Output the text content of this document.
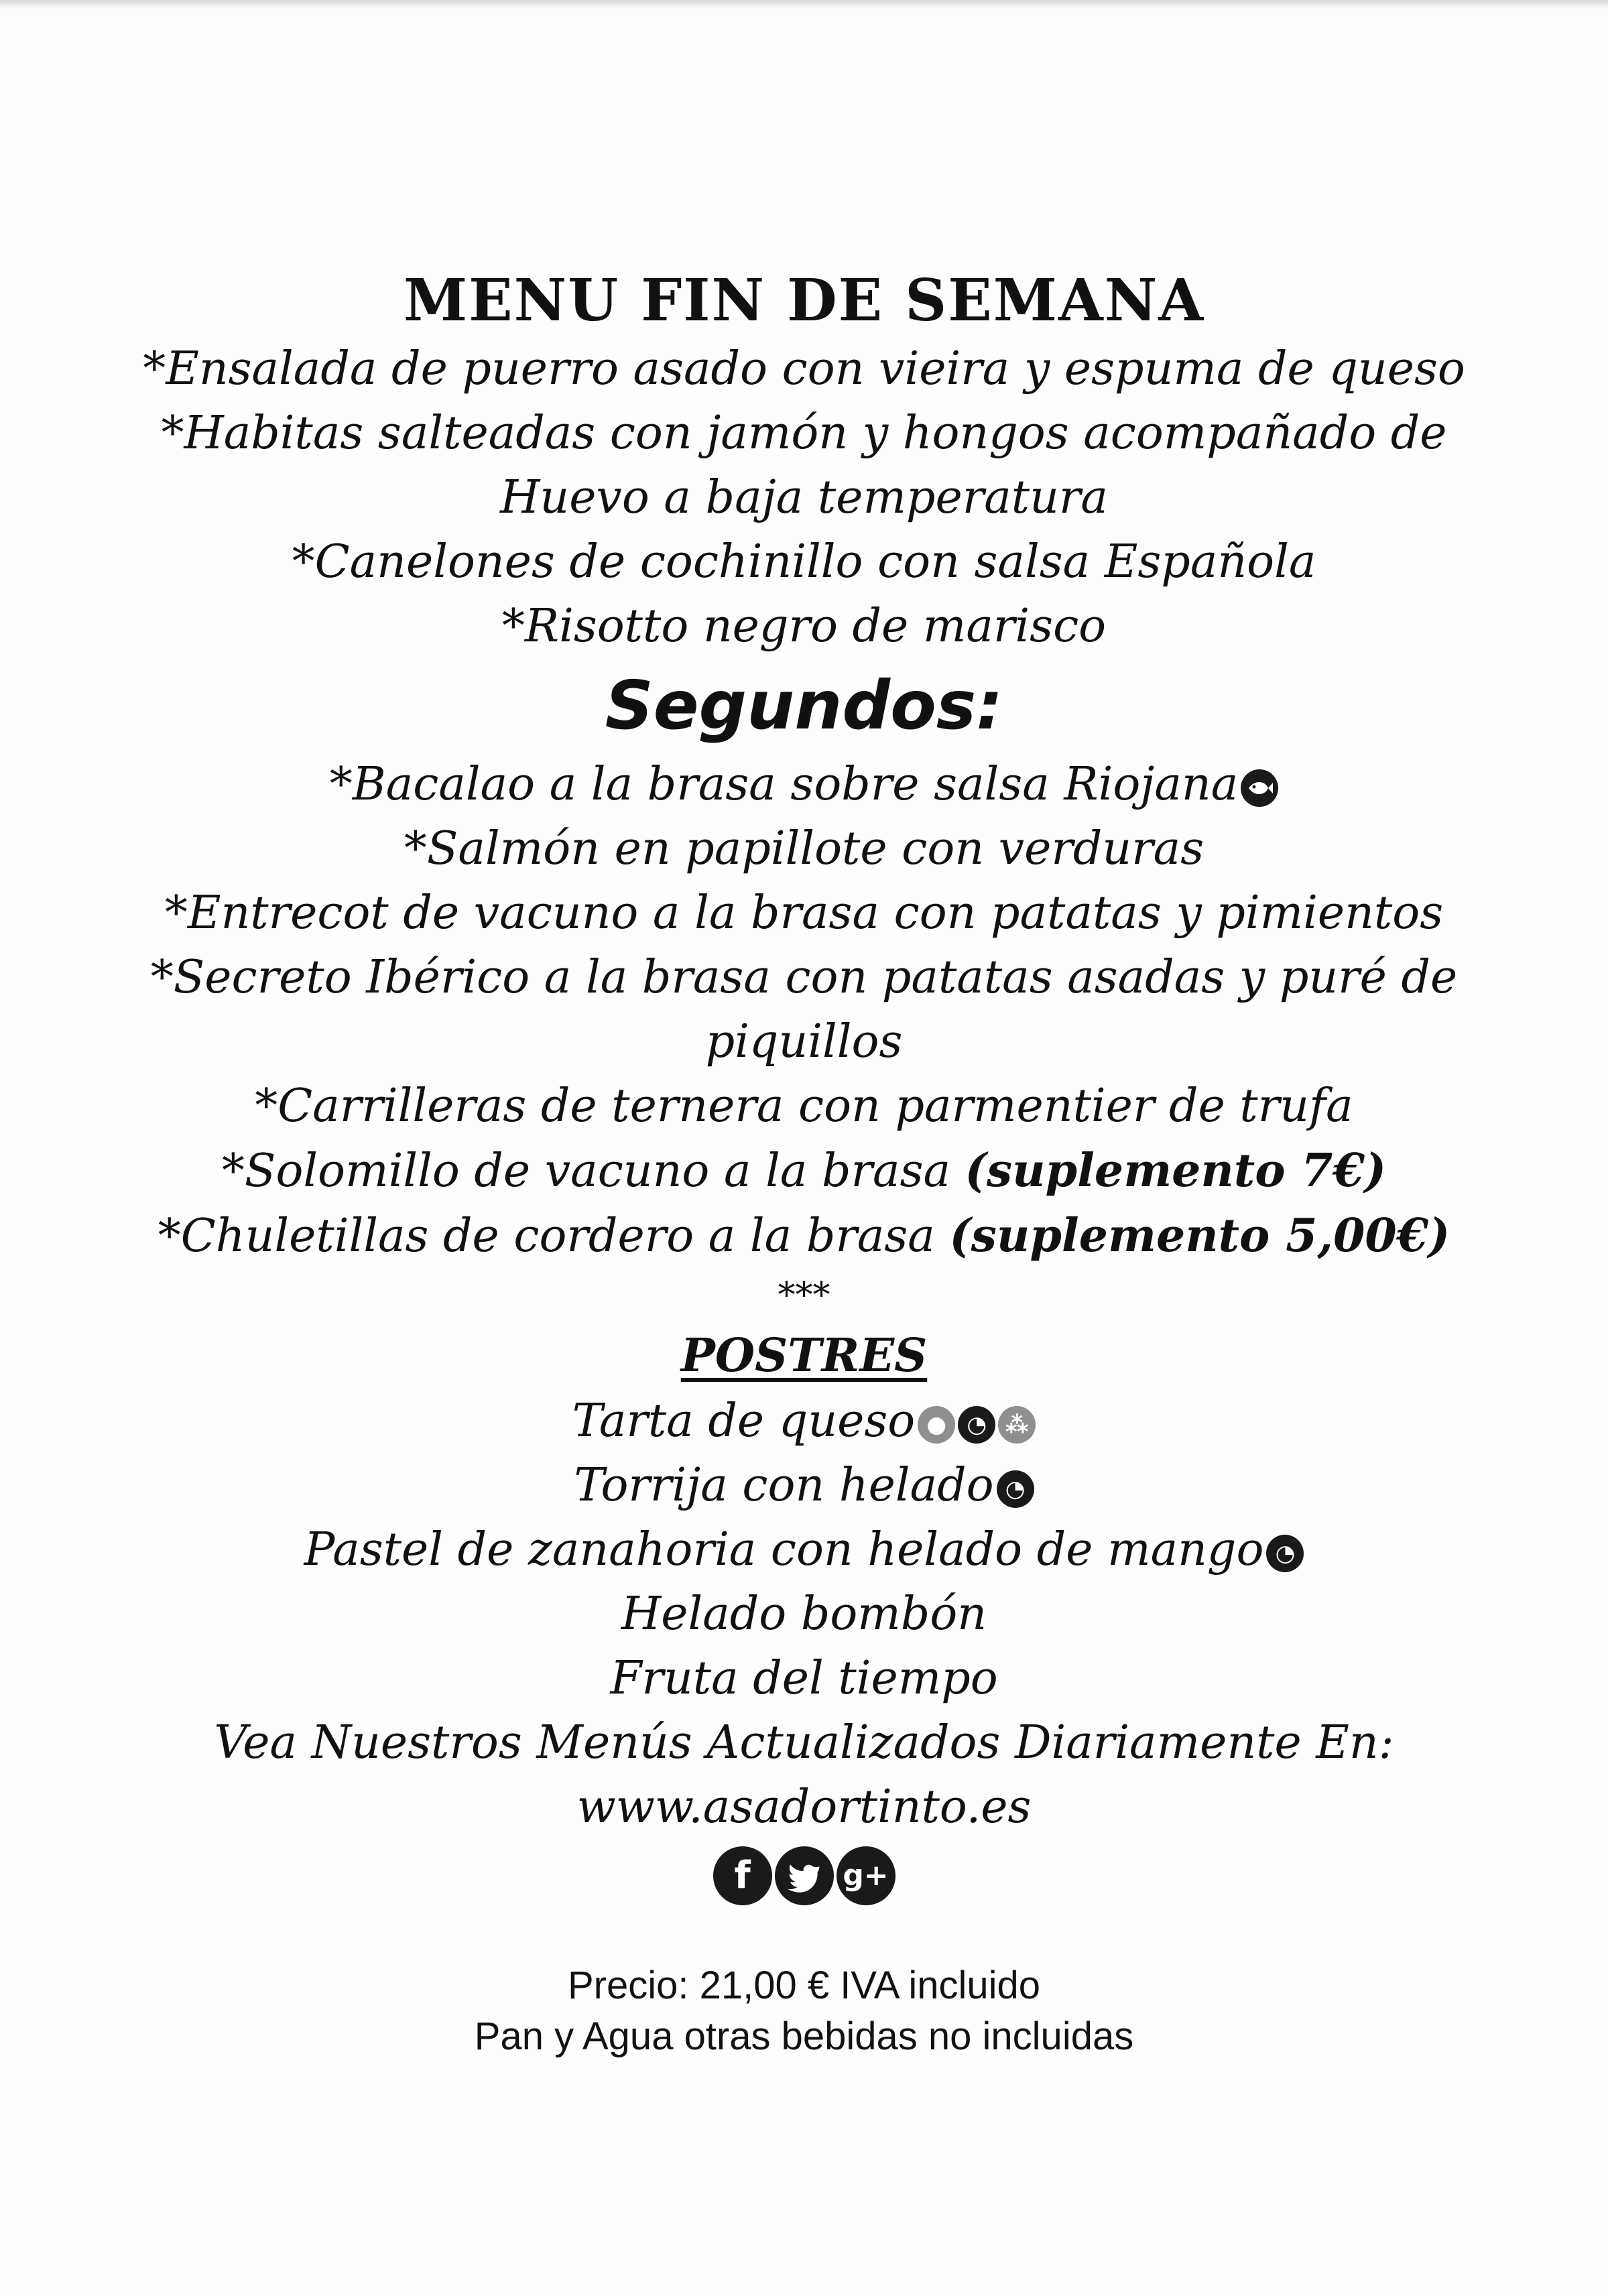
MENU FIN DE SEMANA
*Ensalada de puerro asado con vieira y espuma de queso
*Habitas salteadas con jamón y hongos acompañado de
Huevo a baja temperatura
*Canelones de cochinillo con salsa Española
*Risotto negro de marisco
Segundos:
*Bacalao a la brasa sobre salsa Riojana
*Salmón en papillote con verduras
*Entrecot de vacuno a la brasa con patatas y pimientos
*Secreto Ibérico a la brasa con patatas asadas y puré de
piquillos
*Carrilleras de ternera con parmentier de trufa
*Solomillo de vacuno a la brasa (suplemento 7€)
*Chuletillas de cordero a la brasa (suplemento 5,00€)
***
POSTRES
Tarta de queso ● ◔ ⁂
Torrija con helado ◔
Pastel de zanahoria con helado de mango ◔
Helado bombón
Fruta del tiempo
Vea Nuestros Menús Actualizados Diariamente En:
www.asadortinto.es
f	g+
Precio: 21,00 € IVA incluido
Pan y Agua otras bebidas no incluidas
